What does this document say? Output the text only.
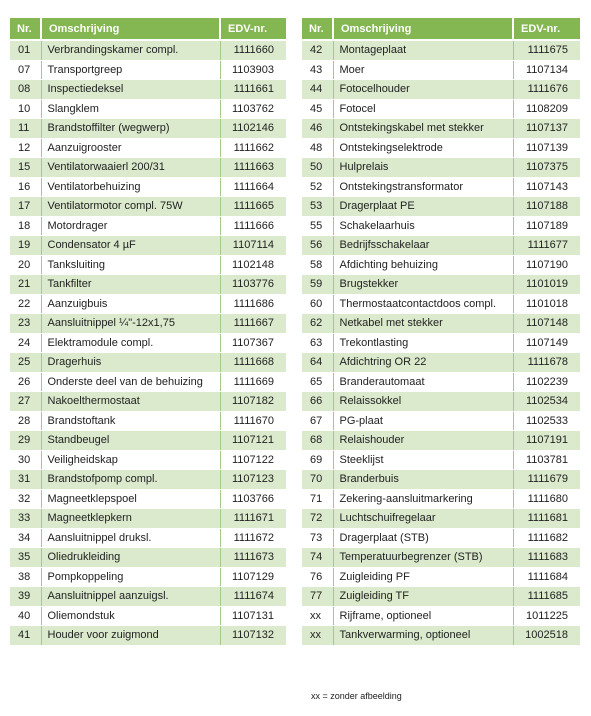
Nr.	Omschrijving	EDV-nr.
01	Verbrandingskamer compl.	1111660
07	Transportgreep	1103903
08	Inspectiedeksel	1111661
10	Slangklem	1103762
11	Brandstoffilter (wegwerp)	1102146
12	Aanzuigrooster	1111662
15	Ventilatorwaaierl 200/31	1111663
16	Ventilatorbehuizing	1111664
17	Ventilatormotor compl. 75W	1111665
18	Motordrager	1111666
19	Condensator 4 µF	1107114
20	Tanksluiting	1102148
21	Tankfilter	1103776
22	Aanzuigbuis	1111686
23	Aansluitnippel ¼"-12x1,75	1111667
24	Elektramodule compl.	1107367
25	Dragerhuis	1111668
26	Onderste deel van de behuizing	1111669
27	Nakoelthermostaat	1107182
28	Brandstoftank	1111670
29	Standbeugel	1107121
30	Veiligheidskap	1107122
31	Brandstofpomp compl.	1107123
32	Magneetklepspoel	1103766
33	Magneetklepkern	1111671
34	Aansluitnippel druksl.	1111672
35	Oliedrukleiding	1111673
38	Pompkoppeling	1107129
39	Aansluitnippel aanzuigsl.	1111674
40	Oliemondstuk	1107131
41	Houder voor zuigmond	1107132
Nr.	Omschrijving	EDV-nr.
42	Montageplaat	1111675
43	Moer	1107134
44	Fotocelhouder	1111676
45	Fotocel	1108209
46	Ontstekingskabel met stekker	1107137
48	Ontstekingselektrode	1107139
50	Hulprelais	1107375
52	Ontstekingstransformator	1107143
53	Dragerplaat PE	1107188
55	Schakelaarhuis	1107189
56	Bedrijfsschakelaar	1111677
58	Afdichting behuizing	1107190
59	Brugstekker	1101019
60	Thermostaatcontactdoos compl.	1101018
62	Netkabel met stekker	1107148
63	Trekontlasting	1107149
64	Afdichtring OR 22	1111678
65	Branderautomaat	1102239
66	Relaissokkel	1102534
67	PG-plaat	1102533
68	Relaishouder	1107191
69	Steeklijst	1103781
70	Branderbuis	1111679
71	Zekering-aansluitmarkering	1111680
72	Luchtschuifregelaar	1111681
73	Dragerplaat (STB)	1111682
74	Temperatuurbegrenzer (STB)	1111683
76	Zuigleiding PF	1111684
77	Zuigleiding TF	1111685
xx	Rijframe, optioneel	1011225
xx	Tankverwarming, optioneel	1002518
xx = zonder afbeelding
